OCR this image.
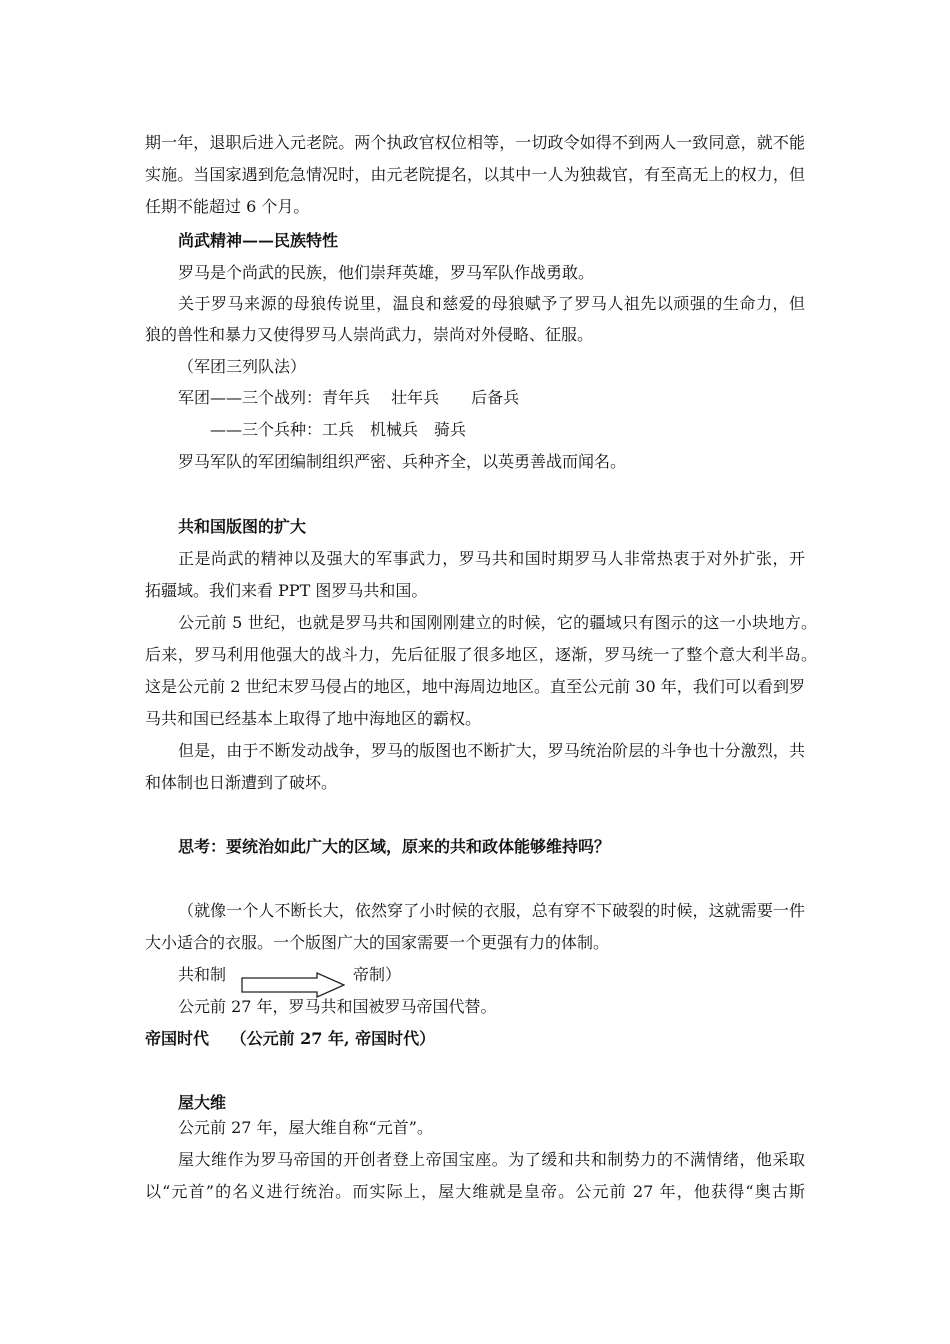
期一年，退职后进入元老院。两个执政官权位相等，一切政令如得不到两人一致同意，就不能
实施。当国家遇到危急情况时，由元老院提名，以其中一人为独裁官，有至高无上的权力，但
任期不能超过 6 个月。
尚武精神——民族特性
罗马是个尚武的民族，他们崇拜英雄，罗马军队作战勇敢。
关于罗马来源的母狼传说里，温良和慈爱的母狼赋予了罗马人祖先以顽强的生命力，但
狼的兽性和暴力又使得罗马人崇尚武力，崇尚对外侵略、征服。
（军团三列队法）
军团——三个战列：青年兵　 壮年兵　　后备兵
——三个兵种：工兵　机械兵　骑兵
罗马军队的军团编制组织严密、兵种齐全，以英勇善战而闻名。
共和国版图的扩大
正是尚武的精神以及强大的军事武力，罗马共和国时期罗马人非常热衷于对外扩张，开
拓疆域。我们来看 PPT 图罗马共和国。
公元前 5 世纪，也就是罗马共和国刚刚建立的时候，它的疆域只有图示的这一小块地方。
后来，罗马利用他强大的战斗力，先后征服了很多地区，逐渐，罗马统一了整个意大利半岛。
这是公元前 2 世纪末罗马侵占的地区，地中海周边地区。直至公元前 30 年，我们可以看到罗
马共和国已经基本上取得了地中海地区的霸权。
但是，由于不断发动战争，罗马的版图也不断扩大，罗马统治阶层的斗争也十分激烈，共
和体制也日渐遭到了破坏。
思考：要统治如此广大的区域，原来的共和政体能够维持吗？
（就像一个人不断长大，依然穿了小时候的衣服，总有穿不下破裂的时候，这就需要一件
大小适合的衣服。一个版图广大的国家需要一个更强有力的体制。
共和制	帝制）
公元前 27 年，罗马共和国被罗马帝国代替。
帝国时代　 （公元前 27 年, 帝国时代）
屋大维
公元前 27 年，屋大维自称“元首”。
屋大维作为罗马帝国的开创者登上帝国宝座。为了缓和共和制势力的不满情绪，他采取
以“元首”的名义进行统治。而实际上，屋大维就是皇帝。公元前 27 年，他获得“奥古斯
